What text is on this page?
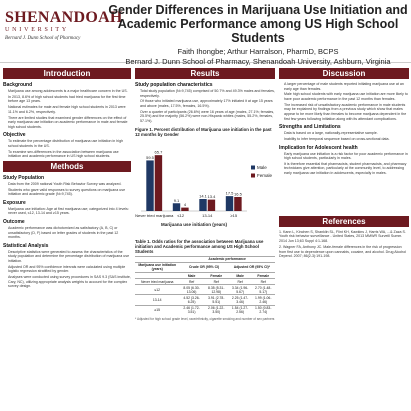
SHENANDOAH
UNIVERSITY
Bernard J. Dunn School of Pharmacy
Gender Differences in Marijuana Use Initiation and Academic Performance among US High School Students
Faith Ihongbe; Arthur Harralson, PharmD, BCPS
Bernard J. Dunn School of Pharmacy, Shenandoah University, Ashburn, Virginia
Introduction
Background
• Marijuana use among adolescents is a major healthcare concern in the US.
• In 2013, 8.6% of high school students had tried marijuana for the first time before age 13 years.
• National estimates for male and female high school students in 2013 were 11.1% and 6.2%, respectively.
• There are limited studies that examined gender differences on the effect of early marijuana use initiation on academic performance in male and female high school students.
Objective
• To estimate the percentage distribution of marijuana use initiation in high school students in the US.
• To examine sex-differences in the association between marijuana use initiation and academic performance in US high school students.
Methods
Study Population
• Data from the 2009 national Youth Risk Behavior Survey was analyzed.
• Students who gave valid responses to survey questions on marijuana use initiation and academic grade (N=9,745).
Exposure
• Marijuana use initiation: Age at first marijuana use; categorized into 4 levels: never used, ≤12, 13-14 and ≥15 years.
Outcome
• Academic performance was dichotomized as satisfactory (A, B, C) or unsatisfactory (D, F) based on letter grades of students in the past 12 months.
Statistical Analysis
• Descriptive statistics were generated to assess the characteristics of the study population and determine the percentage distribution of marijuana use initiation.
• Adjusted OR and 95% confidence intervals were calculated using multiple logistic regression stratified by gender.
• Analyses were conducted using survey procedures in SAS 9.3 (SAS institute, Cary, NC), utilizing appropriate analysis weights to account for the complex survey design.
Results
Study population characteristics
• Total study population (N=9,745) comprised of 50.7% and 49.3% males and females, respectively.
• Of those who initiated marijuana use, approximately 17% initiated it at age 15 years and above (males, 17.5%, females, 16.5%).
• Over a quarter of participants (26.6%) were 16 years of age (males, 27.1%; females, 25.5%) and the majority (56.2%) were non-Hispanic whites (males, 55.2%, females, 57.1%).
Figure 1. Percent distribution of Marijuana use initiation in the past 12 months by Gender
59.5
65.7
Never tried marijuana
9.1
4
≤12
14.1 13.4
13-14
17.5 16.5
≥15
Marijuana use initiation (years)
Male
Female
Table 1. Odds ratios for the association between Marijuana use initiation and Academic performance among US High School Students
	Academic performance			
Marijuana use initiation (years)	Crude OR (95% CI)		Adjusted OR (95% CI)*	
	Male	Female	Male	Female
Never tried marijuana	Ref	Ref	Ref	Ref
≤12	8.05 (6.30-13.06)	8.35 (5.31-12.98)	3.34 (1.96-5.67)	2.70 (1.48-5.17)
13-14	4.52 (3.26-6.25)	3.91 (2.78-5.51)	2.25 (1.47-3.46)	1.99 (1.06-2.46)
≥15	2.46 (1.72-3.51)	2.06 (1.22-3.50)	1.54 (1.27-2.56)	1.50 (0.83-2.74)
* Adjusted for high school grade level, race/ethnicity, cigarette smoking and number of sex partners
Discussion
• A larger percentage of male students reported initiating marijuana use at an early age than females.
• Male high school students with early marijuana use initiation are more likely to have poor academic performance in the past 12 months than females.
• The increased risk of unsatisfactory academic performance in male students may be explained by findings from a previous study which show that males appear to be more likely than females to become marijuana dependent in the first few years following initiation along with its attendant complications.
Strengths and Limitations
• Data is based on a large, nationally-representative sample.
• Inability to infer temporal sequence based on cross-sectional data.
Implication for Adolescent health
• Early marijuana use initiation is a risk factor for poor academic performance in high school students, particularly in males.
• It is therefore essential that pharmacists, student pharmacists, and pharmacy technicians give attention, particularly at the community level, to addressing early marijuana use initiation in adolescents, especially in males.
References

1. Kann L, Kinchen S, Shanklin SL, Flint KH, Kawkins J, Harris WA, ...& Zaza S. Youth risk behavior surveillance - United States, 2013 MMWR Surveill Summ. 2014 Jun 13;63 Suppl 4:1-168.

2. Wagner FA, Anthony JC. Male-female differences in the risk of progression from first use to dependence upon cannabis, cocaine, and alcohol. Drug Alcohol Depend. 2007; 86(2-3):191-198.
